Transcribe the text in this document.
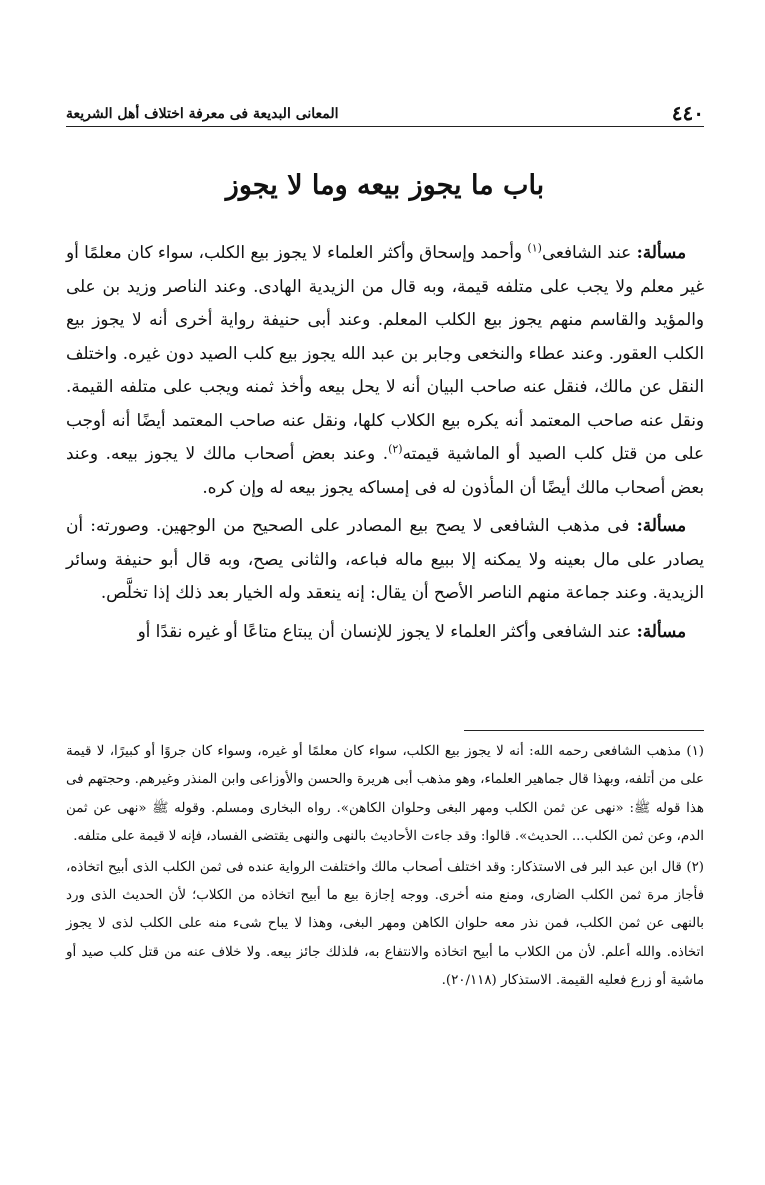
٤٤٠
المعانى البديعة فى معرفة اختلاف أهل الشريعة
باب ما يجوز بيعه وما لا يجوز

مسألة: عند الشافعى$^{(١)}$ وأحمد وإسحاق وأكثر العلماء لا يجوز بيع الكلب، سواء كان معلمًا أو غير معلم ولا يجب على متلفه قيمة، وبه قال من الزيدية الهادى. وعند الناصر وزيد بن على والمؤيد والقاسم منهم يجوز بيع الكلب المعلم. وعند أبى حنيفة رواية أخرى أنه لا يجوز بيع الكلب العقور. وعند عطاء والنخعى وجابر بن عبد الله يجوز بيع كلب الصيد دون غيره. واختلف النقل عن مالك، فنقل عنه صاحب البيان أنه لا يحل بيعه وأخذ ثمنه ويجب على متلفه القيمة. ونقل عنه صاحب المعتمد أنه يكره بيع الكلاب كلها، ونقل عنه صاحب المعتمد أيضًا أنه أوجب على من قتل كلب الصيد أو الماشية قيمته$^{(٢)}$. وعند بعض أصحاب مالك لا يجوز بيعه. وعند بعض أصحاب مالك أيضًا أن المأذون له فى إمساكه يجوز بيعه له وإن كره.

مسألة: فى مذهب الشافعى لا يصح بيع المصادر على الصحيح من الوجهين. وصورته: أن يصادر على مال بعينه ولا يمكنه إلا ببيع ماله فباعه، والثانى يصح، وبه قال أبو حنيفة وسائر الزيدية. وعند جماعة منهم الناصر الأصح أن يقال: إنه ينعقد وله الخيار بعد ذلك إذا تخلَّص.

مسألة: عند الشافعى وأكثر العلماء لا يجوز للإنسان أن يبتاع متاعًا أو غيره نقدًا أو

(١) مذهب الشافعى رحمه الله: أنه لا يجوز بيع الكلب، سواء كان معلمًا أو غيره، وسواء كان جروًا أو كبيرًا، لا قيمة على من أتلفه، وبهذا قال جماهير العلماء، وهو مذهب أبى هريرة والحسن والأوزاعى وابن المنذر وغيرهم. وحجتهم فى هذا قوله ﷺ: «نهى عن ثمن الكلب ومهر البغى وحلوان الكاهن». رواه البخارى ومسلم. وقوله ﷺ «نهى عن ثمن الدم، وعن ثمن الكلب... الحديث». قالوا: وقد جاءت الأحاديث بالنهى والنهى يقتضى الفساد، فإنه لا قيمة على متلفه.

(٢) قال ابن عبد البر فى الاستذكار: وقد اختلف أصحاب مالك واختلفت الرواية عنده فى ثمن الكلب الذى أبيح اتخاذه، فأجاز مرة ثمن الكلب الضارى، ومنع منه أخرى. ووجه إجازة بيع ما أبيح اتخاذه من الكلاب؛ لأن الحديث الذى ورد بالنهى عن ثمن الكلب، فمن نذر معه حلوان الكاهن ومهر البغى، وهذا لا يباح شىء منه على الكلب لذى لا يجوز اتخاذه. والله أعلم. لأن من الكلاب ما أبيح اتخاذه والانتفاع به، فلذلك جائز بيعه. ولا خلاف عنه من قتل كلب صيد أو ماشية أو زرع فعليه القيمة. الاستذكار (٢٠/١١٨).
